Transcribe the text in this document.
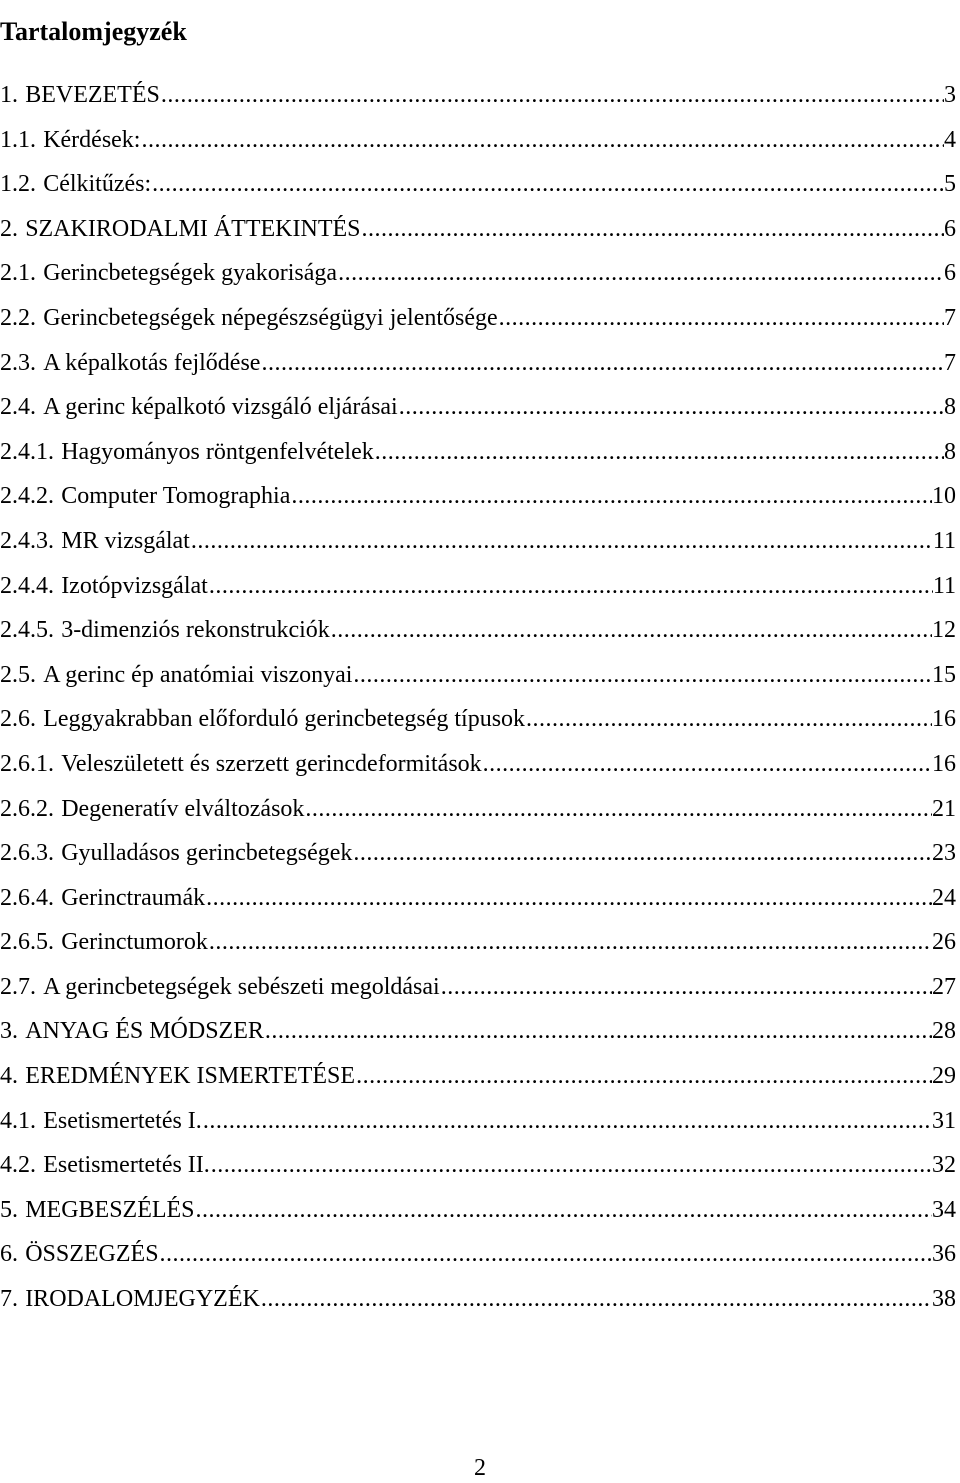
Tartalomjegyzék
1. BEVEZETÉS .....	3
1.1. Kérdések: .....	4
1.2. Célkitűzés: .....	5
2. SZAKIRODALMI ÁTTEKINTÉS .....	6
2.1. Gerincbetegségek gyakorisága .....	6
2.2. Gerincbetegségek népegészségügyi jelentősége .....	7
2.3. A képalkotás fejlődése .....	7
2.4. A gerinc képalkotó vizsgáló eljárásai .....	8
2.4.1. Hagyományos röntgenfelvételek .....	8
2.4.2. Computer Tomographia .....	10
2.4.3. MR vizsgálat .....	11
2.4.4. Izotópvizsgálat .....	11
2.4.5. 3-dimenziós rekonstrukciók .....	12
2.5. A gerinc ép anatómiai viszonyai .....	15
2.6. Leggyakrabban előforduló gerincbetegség típusok .....	16
2.6.1. Veleszületett és szerzett gerincdeformitások .....	16
2.6.2. Degeneratív elváltozások .....	21
2.6.3. Gyulladásos gerincbetegségek .....	23
2.6.4. Gerinctraumák .....	24
2.6.5. Gerinctumorok .....	26
2.7. A gerincbetegségek sebészeti megoldásai .....	27
3. ANYAG ÉS MÓDSZER .....	28
4. EREDMÉNYEK ISMERTETÉSE .....	29
4.1. Esetismertetés I. .....	31
4.2. Esetismertetés II. .....	32
5. MEGBESZÉLÉS .....	34
6. ÖSSZEGZÉS .....	36
7. IRODALOMJEGYZÉK .....	38
2
